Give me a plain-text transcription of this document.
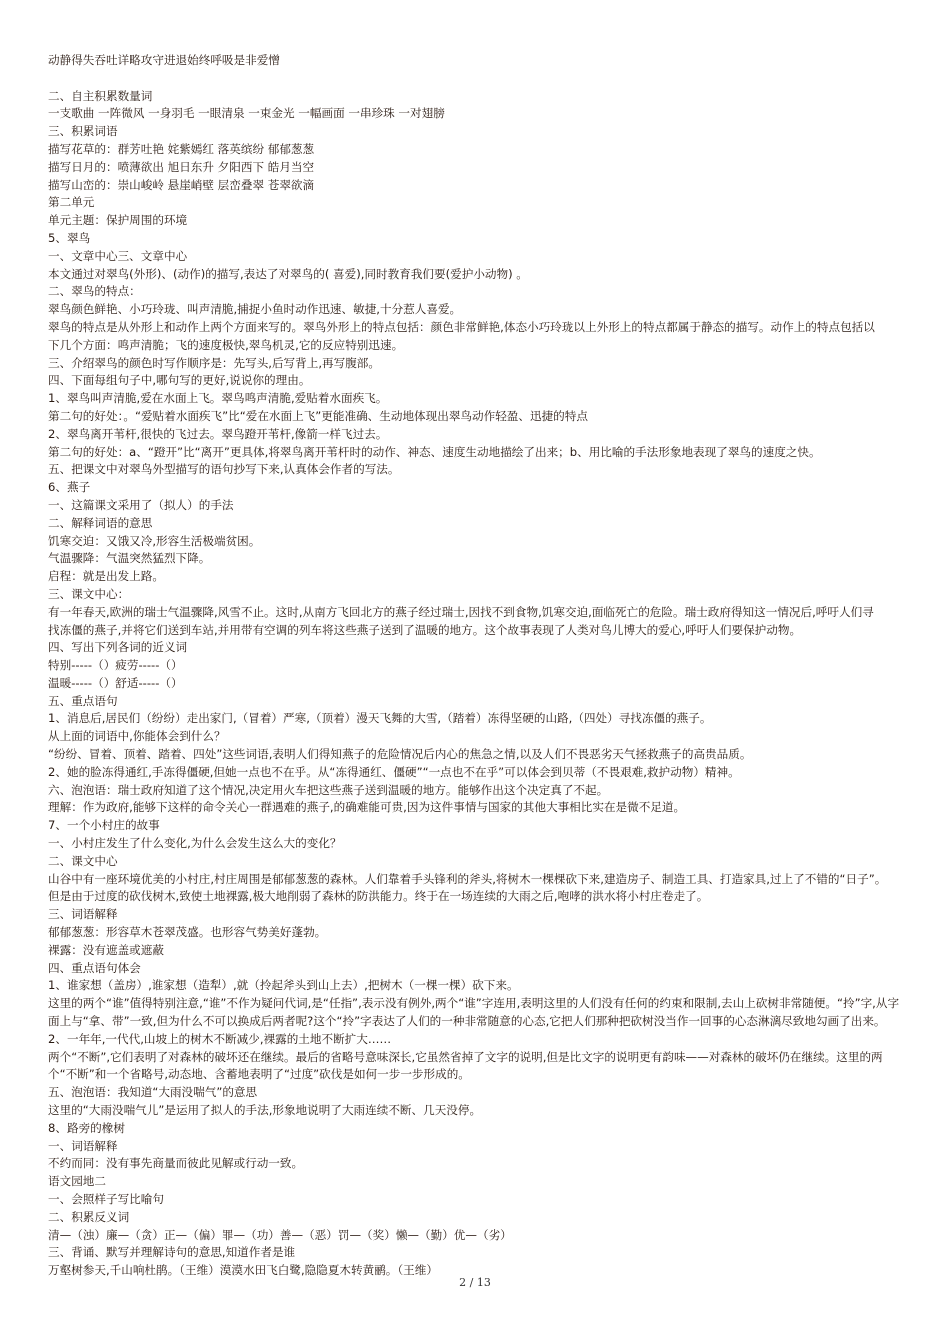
动静得失吞吐详略攻守进退始终呼吸是非爱憎
二、自主积累数量词
一支歌曲 一阵微风 一身羽毛 一眼清泉 一束金光 一幅画面 一串珍珠 一对翅膀
三、积累词语
描写花草的：群芳吐艳 姹紫嫣红 落英缤纷 郁郁葱葱
描写日月的：喷薄欲出 旭日东升 夕阳西下 皓月当空
描写山峦的：崇山峻岭 悬崖峭壁 层峦叠翠 苍翠欲滴
第二单元
单元主题：保护周围的环境
5、翠鸟
一、文章中心三、文章中心
本文通过对翠鸟(外形)、(动作)的描写,表达了对翠鸟的( 喜爱),同时教育我们要(爱护小动物) 。
二、翠鸟的特点：
翠鸟颜色鲜艳、小巧玲珑、叫声清脆,捕捉小鱼时动作迅速、敏捷,十分惹人喜爱。
翠鸟的特点是从外形上和动作上两个方面来写的。翠鸟外形上的特点包括：颜色非常鲜艳,体态小巧玲珑以上外形上的特点都属于静态的描写。动作上的特点包括以
下几个方面：鸣声清脆；飞的速度极快,翠鸟机灵,它的反应特别迅速。
三、介绍翠鸟的颜色时写作顺序是：先写头,后写背上,再写腹部。
四、下面每组句子中,哪句写的更好,说说你的理由。
1、翠鸟叫声清脆,爱在水面上飞。翠鸟鸣声清脆,爱贴着水面疾飞。
第二句的好处：。“爱贴着水面疾飞”比“爱在水面上飞”更能准确、生动地体现出翠鸟动作轻盈、迅捷的特点
2、翠鸟离开苇杆,很快的飞过去。翠鸟蹬开苇杆,像箭一样飞过去。
第二句的好处：a、“蹬开”比“离开”更具体,将翠鸟离开苇杆时的动作、神态、速度生动地描绘了出来；b、用比喻的手法形象地表现了翠鸟的速度之快。
五、把课文中对翠鸟外型描写的语句抄写下来,认真体会作者的写法。
6、燕子
一、这篇课文采用了（拟人）的手法
二、解释词语的意思
饥寒交迫：又饿又冷,形容生活极端贫困。
气温骤降：气温突然猛烈下降。
启程：就是出发上路。
三、课文中心：
有一年春天,欧洲的瑞士气温骤降,风雪不止。这时,从南方飞回北方的燕子经过瑞士,因找不到食物,饥寒交迫,面临死亡的危险。瑞士政府得知这一情况后,呼吁人们寻
找冻僵的燕子,并将它们送到车站,并用带有空调的列车将这些燕子送到了温暖的地方。这个故事表现了人类对鸟儿博大的爱心,呼吁人们要保护动物。
四、写出下列各词的近义词
特别-----（）疲劳-----（）
温暖-----（）舒适-----（）
五、重点语句
1、消息后,居民们（纷纷）走出家门,（冒着）严寒,（顶着）漫天飞舞的大雪,（踏着）冻得坚硬的山路,（四处）寻找冻僵的燕子。
从上面的词语中,你能体会到什么？
“纷纷、冒着、顶着、踏着、四处”这些词语,表明人们得知燕子的危险情况后内心的焦急之情,以及人们不畏恶劣天气拯救燕子的高贵品质。
2、她的脸冻得通红,手冻得僵硬,但她一点也不在乎。从“冻得通红、僵硬”“一点也不在乎”可以体会到贝蒂（不畏艰难,救护动物）精神。
六、泡泡语：瑞士政府知道了这个情况,决定用火车把这些燕子送到温暖的地方。能够作出这个决定真了不起。
理解：作为政府,能够下这样的命令关心一群遇难的燕子,的确难能可贵,因为这件事情与国家的其他大事相比实在是微不足道。
7、一个小村庄的故事
一、小村庄发生了什么变化,为什么会发生这么大的变化？
二、课文中心
山谷中有一座环境优美的小村庄,村庄周围是郁郁葱葱的森林。人们靠着手头锋利的斧头,将树木一棵棵砍下来,建造房子、制造工具、打造家具,过上了不错的“日子”。
但是由于过度的砍伐树木,致使土地裸露,极大地削弱了森林的防洪能力。终于在一场连续的大雨之后,咆哮的洪水将小村庄卷走了。
三、词语解释
郁郁葱葱：形容草木苍翠茂盛。也形容气势美好蓬勃。
裸露：没有遮盖或遮蔽
四、重点语句体会
1、谁家想（盖房）,谁家想（造犁）,就（拎起斧头到山上去）,把树木（一棵一棵）砍下来。
这里的两个“谁”值得特别注意,“谁”不作为疑问代词,是“任指”,表示没有例外,两个“谁”字连用,表明这里的人们没有任何的约束和限制,去山上砍树非常随便。“拎”字,从字
面上与“拿、带”一致,但为什么不可以换成后两者呢?这个“拎”字表达了人们的一种非常随意的心态,它把人们那种把砍树没当作一回事的心态淋漓尽致地勾画了出来。
2、一年年,一代代,山坡上的树木不断减少,裸露的土地不断扩大……
两个“不断”,它们表明了对森林的破坏还在继续。最后的省略号意味深长,它虽然省掉了文字的说明,但是比文字的说明更有韵味——对森林的破坏仍在继续。这里的两
个“不断”和一个省略号,动态地、含蓄地表明了“过度”砍伐是如何一步一步形成的。
五、泡泡语：我知道“大雨没喘气”的意思
这里的“大雨没喘气儿”是运用了拟人的手法,形象地说明了大雨连续不断、几天没停。
8、路旁的橡树
一、词语解释
不约而同：没有事先商量而彼此见解或行动一致。
语文园地二
一、会照样子写比喻句
二、积累反义词
清—（浊）廉—（贪）正—（偏）罪—（功）善—（恶）罚—（奖）懒—（勤）优—（劣）
三、背诵、默写并理解诗句的意思,知道作者是谁
万壑树参天,千山响杜鹃。（王维）漠漠水田飞白鹭,隐隐夏木转黄鹂。（王维）
2 / 13
